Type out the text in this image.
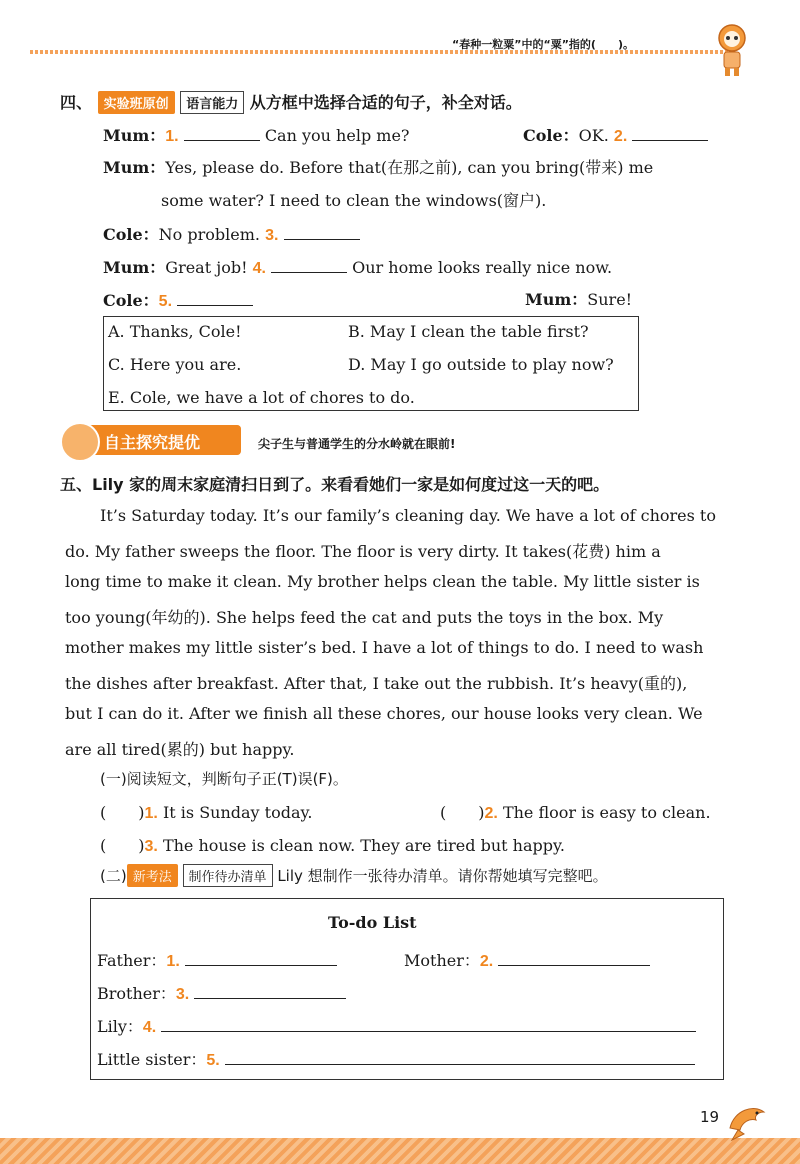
“春种一粒粟”中的“粟”指的(　　)。
四、 实验班原创 语言能力 从方框中选择合适的句子，补全对话。
Mum：1.	Can you help me?	Cole：OK. 2.
Mum：Yes, please do. Before that(在那之前), can you bring(带来) me
some water? I need to clean the windows(窗户).
Cole：No problem. 3.
Mum：Great job! 4.	Our home looks really nice now.
Cole：5.	Mum：Sure!
A. Thanks, Cole!	B. May I clean the table first?
C. Here you are.	D. May I go outside to play now?
E. Cole, we have a lot of chores to do.
自主探究提优	尖子生与普通学生的分水岭就在眼前!
五、Lily 家的周末家庭清扫日到了。来看看她们一家是如何度过这一天的吧。
It’s Saturday today. It’s our family’s cleaning day. We have a lot of chores to
do. My father sweeps the floor. The floor is very dirty. It takes(花费) him a
long time to make it clean. My brother helps clean the table. My little sister is
too young(年幼的). She helps feed the cat and puts the toys in the box. My
mother makes my little sister’s bed. I have a lot of things to do. I need to wash
the dishes after breakfast. After that, I take out the rubbish. It’s heavy(重的),
but I can do it. After we finish all these chores, our house looks very clean. We
are all tired(累的) but happy.
(一)阅读短文，判断句子正(T)误(F)。
(　　)1. It is Sunday today.	(　　)2. The floor is easy to clean.
(　　)3. The house is clean now. They are tired but happy.
(二) 新考法 制作待办清单 Lily 想制作一张待办清单。请你帮她填写完整吧。
To-do List
Father：1.	Mother：2.
Brother：3.
Lily：4.
Little sister：5.
19
